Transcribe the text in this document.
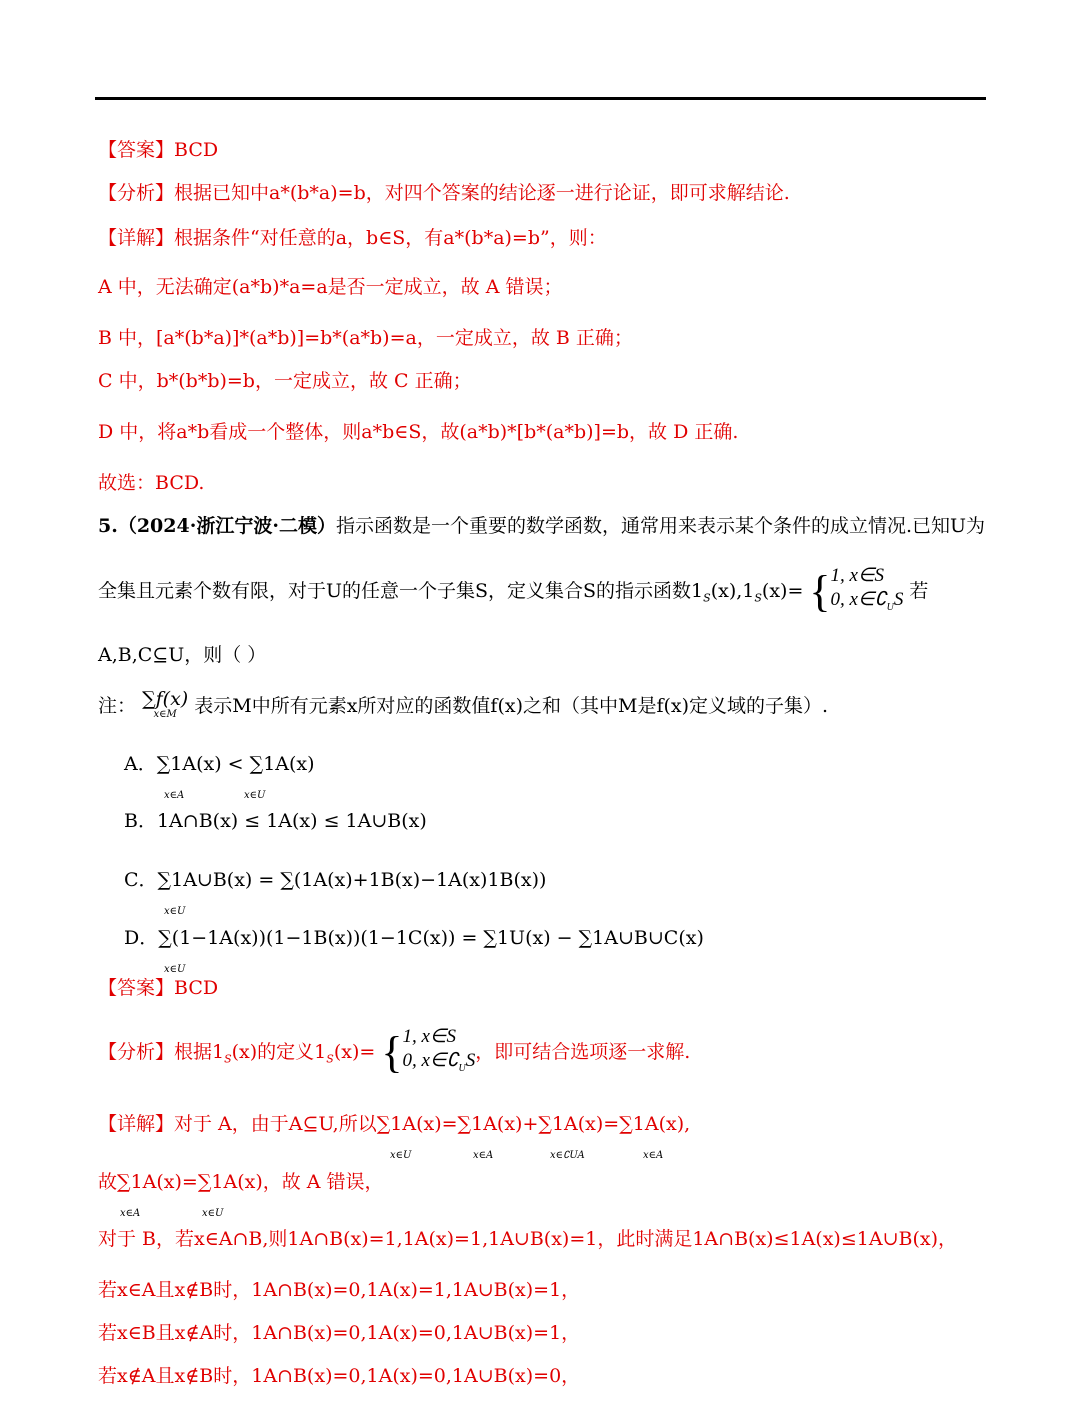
【答案】BCD
【分析】根据已知中a*(b*a)=b，对四个答案的结论逐一进行论证，即可求解结论.
【详解】根据条件“对任意的a，b∈S，有a*(b*a)=b”，则：
A 中，无法确定(a*b)*a=a是否一定成立，故 A 错误；
B 中，[a*(b*a)]*(a*b)]=b*(a*b)=a，一定成立，故 B 正确；
C 中，b*(b*b)=b，一定成立，故 C 正确；
D 中，将a*b看成一个整体，则a*b∈S，故(a*b)*[b*(a*b)]=b，故 D 正确.
故选：BCD.
5.（2024·浙江宁波·二模）指示函数是一个重要的数学函数，通常用来表示某个条件的成立情况.已知U为
全集且元素个数有限，对于U的任意一个子集S，定义集合S的指示函数$1_S(x),1_S(x)= \{1$, x∈S
0, $x\in∁_US$ 若
A,B,C⊆U，则（ ）
注： ∑f(x)
x∈M 表示M中所有元素x所对应的函数值f(x)之和（其中M是f(x)定义域的子集）.
A．∑1A(x) < ∑1A(x)
x∈A	x∈U
B．1A∩B(x) ≤ 1A(x) ≤ 1A∪B(x)
C．∑1A∪B(x) = ∑(1A(x)+1B(x)−1A(x)1B(x))
x∈U
D．∑(1−1A(x))(1−1B(x))(1−1C(x)) = ∑1U(x) − ∑1A∪B∪C(x)
x∈U
【答案】BCD
【分析】根据$1_S(x)$的定义$1_S(x)= \{1$, x∈S
0, $x\in∁_US$，即可结合选项逐一求解.
【详解】对于 A，由于A⊆U,所以∑1A(x)=∑1A(x)+∑1A(x)=∑1A(x),
x∈U	x∈A	x∈∁UA	x∈A
故∑1A(x)=∑1A(x)，故 A 错误，
x∈A	x∈U
对于 B，若x∈A∩B,则1A∩B(x)=1,1A(x)=1,1A∪B(x)=1，此时满足1A∩B(x)≤1A(x)≤1A∪B(x)，
若x∈A且x∉B时，1A∩B(x)=0,1A(x)=1,1A∪B(x)=1，
若x∈B且x∉A时，1A∩B(x)=0,1A(x)=0,1A∪B(x)=1，
若x∉A且x∉B时，1A∩B(x)=0,1A(x)=0,1A∪B(x)=0，
